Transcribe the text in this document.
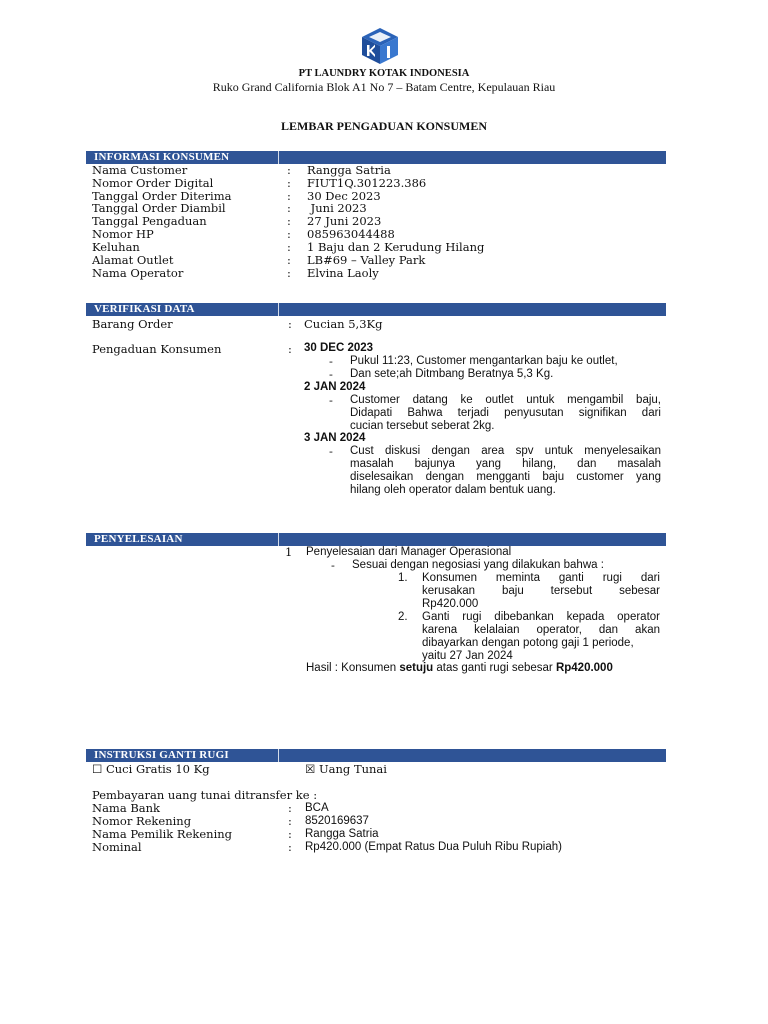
PT LAUNDRY KOTAK INDONESIA
Ruko Grand California Blok A1 No 7 – Batam Centre, Kepulauan Riau
LEMBAR PENGADUAN KONSUMEN
INFORMASI KONSUMEN
Nama Customer	: Rangga Satria
Nomor Order Digital	: FIUT1Q.301223.386
Tanggal Order Diterima	: 30 Dec 2023
Tanggal Order Diambil	: Juni 2023
Tanggal Pengaduan	: 27 Juni 2023
Nomor HP	: 085963044488
Keluhan	: 1 Baju dan 2 Kerudung Hilang
Alamat Outlet	: LB#69 – Valley Park
Nama Operator	: Elvina Laoly
VERIFIKASI DATA
Barang Order	: Cucian 5,3Kg
Pengaduan Konsumen	: 30 DEC 2023
- Pukul 11:23, Customer mengantarkan baju ke outlet,
- Dan sete;ah Ditmbang Beratnya 5,3 Kg.
2 JAN 2024
- Customer datang ke outlet untuk mengambil baju,
Didapati Bahwa terjadi penyusutan signifikan dari
cucian tersebut seberat 2kg.
3 JAN 2024
- Cust diskusi dengan area spv untuk menyelesaikan
masalah bajunya yang hilang, dan masalah
diselesaikan dengan mengganti baju customer yang
hilang oleh operator dalam bentuk uang.
PENYELESAIAN
1 Penyelesaian dari Manager Operasional
- Sesuai dengan negosiasi yang dilakukan bahwa :
1. Konsumen meminta ganti rugi dari
kerusakan baju tersebut sebesar
Rp420.000
2. Ganti rugi dibebankan kepada operator
karena kelalaian operator, dan akan
dibayarkan dengan potong gaji 1 periode,
yaitu 27 Jan 2024
Hasil : Konsumen setuju atas ganti rugi sebesar Rp420.000
INSTRUKSI GANTI RUGI
☐ Cuci Gratis 10 Kg	☒ Uang Tunai
Pembayaran uang tunai ditransfer ke :
Nama Bank	: BCA
Nomor Rekening	: 8520169637
Nama Pemilik Rekening	: Rangga Satria
Nominal	: Rp420.000 (Empat Ratus Dua Puluh Ribu Rupiah)
